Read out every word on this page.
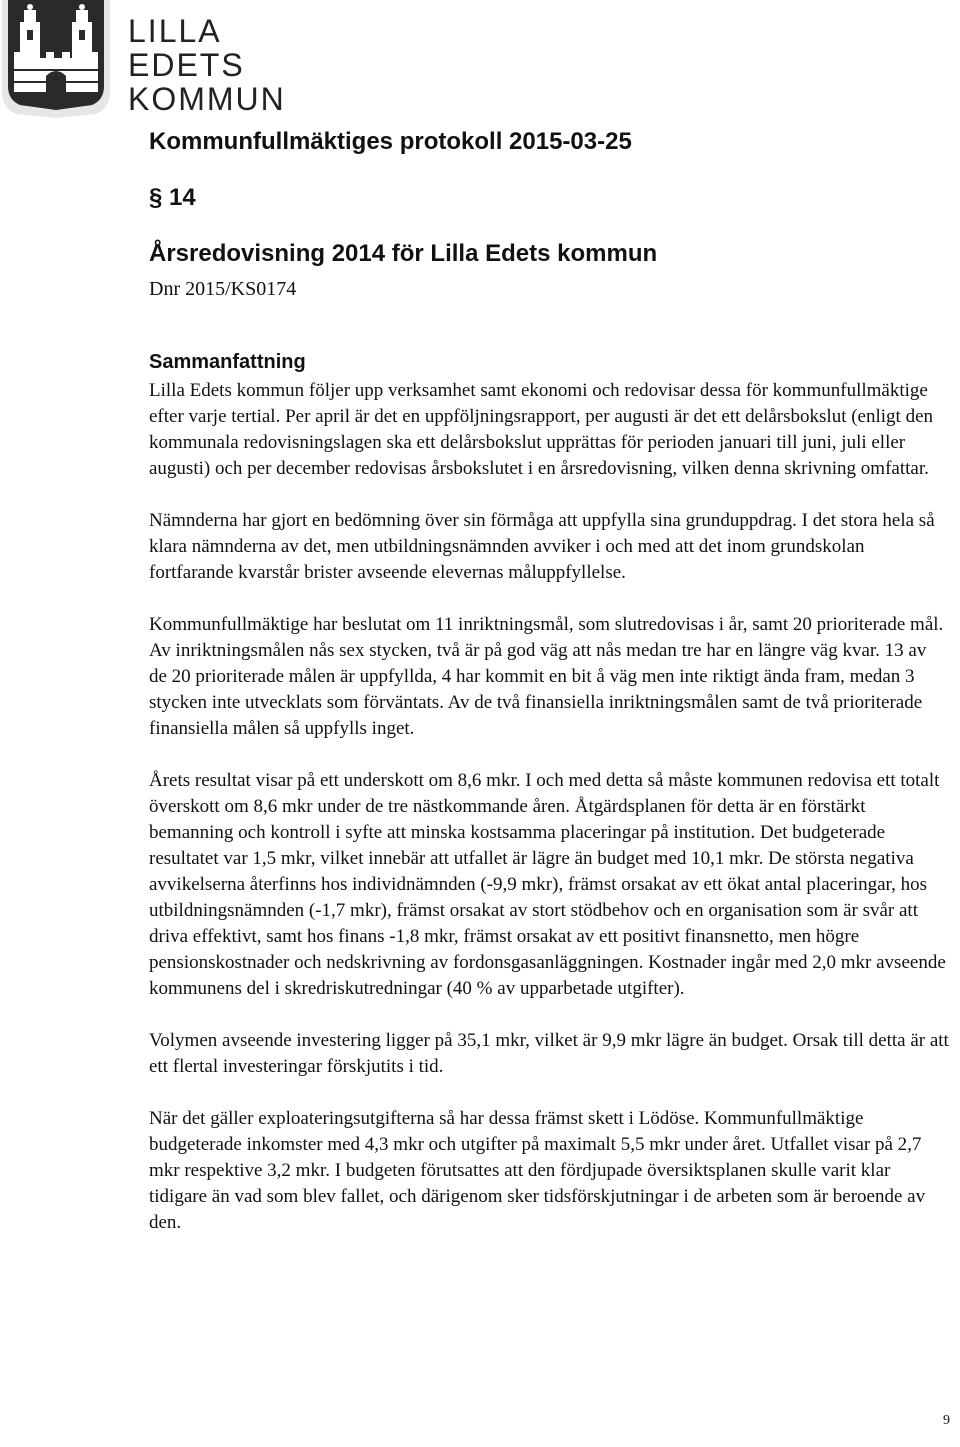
LILLA EDETS
KOMMUN
Kommunfullmäktiges protokoll 2015-03-25
§ 14
Årsredovisning 2014 för Lilla Edets kommun

Dnr 2015/KS0174

Sammanfattning

Lilla Edets kommun följer upp verksamhet samt ekonomi och redovisar dessa för kommunfullmäktige efter varje tertial. Per april är det en uppföljningsrapport, per augusti är det ett delårsbokslut (enligt den kommunala redovisningslagen ska ett delårsbokslut upprättas för perioden januari till juni, juli eller augusti) och per december redovisas årsbokslutet i en årsredovisning, vilken denna skrivning omfattar.

Nämnderna har gjort en bedömning över sin förmåga att uppfylla sina grunduppdrag. I det stora hela så klara nämnderna av det, men utbildningsnämnden avviker i och med att det inom grundskolan fortfarande kvarstår brister avseende elevernas måluppfyllelse.

Kommunfullmäktige har beslutat om 11 inriktningsmål, som slutredovisas i år, samt 20 prioriterade mål. Av inriktningsmålen nås sex stycken, två är på god väg att nås medan tre har en längre väg kvar. 13 av de 20 prioriterade målen är uppfyllda, 4 har kommit en bit å väg men inte riktigt ända fram, medan 3 stycken inte utvecklats som förväntats. Av de två finansiella inriktningsmålen samt de två prioriterade finansiella målen så uppfylls inget.

Årets resultat visar på ett underskott om 8,6 mkr. I och med detta så måste kommunen redovisa ett totalt överskott om 8,6 mkr under de tre nästkommande åren. Åtgärdsplanen för detta är en förstärkt bemanning och kontroll i syfte att minska kostsamma placeringar på institution. Det budgeterade resultatet var 1,5 mkr, vilket innebär att utfallet är lägre än budget med 10,1 mkr. De största negativa avvikelserna återfinns hos individnämnden (-9,9 mkr), främst orsakat av ett ökat antal placeringar, hos utbildningsnämnden (-1,7 mkr), främst orsakat av stort stödbehov och en organisation som är svår att driva effektivt, samt hos finans -1,8 mkr, främst orsakat av ett positivt finansnetto, men högre pensionskostnader och nedskrivning av fordonsgasanläggningen. Kostnader ingår med 2,0 mkr avseende kommunens del i skredriskutredningar (40 % av upparbetade utgifter).

Volymen avseende investering ligger på 35,1 mkr, vilket är 9,9 mkr lägre än budget. Orsak till detta är att ett flertal investeringar förskjutits i tid.

När det gäller exploateringsutgifterna så har dessa främst skett i Lödöse. Kommunfullmäktige budgeterade inkomster med 4,3 mkr och utgifter på maximalt 5,5 mkr under året. Utfallet visar på 2,7 mkr respektive 3,2 mkr. I budgeten förutsattes att den fördjupade översiktsplanen skulle varit klar tidigare än vad som blev fallet, och därigenom sker tidsförskjutningar i de arbeten som är beroende av den.

9
